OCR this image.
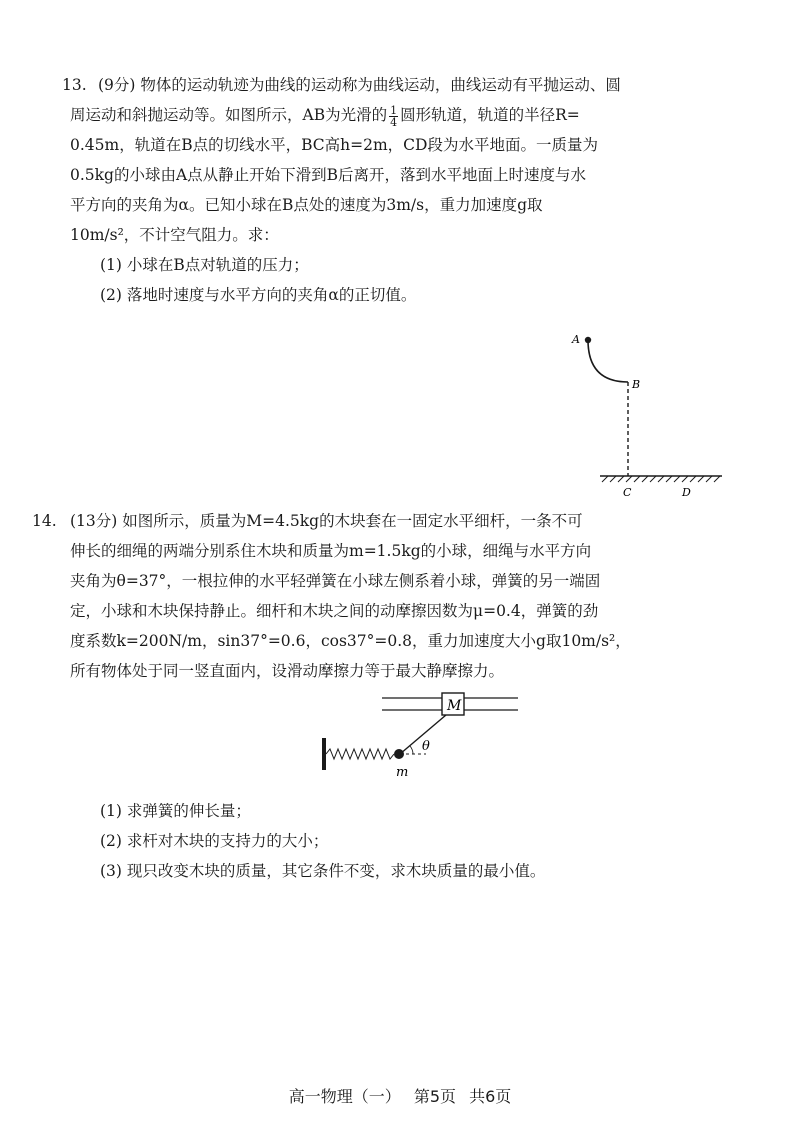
13. (9分) 物体的运动轨迹为曲线的运动称为曲线运动，曲线运动有平抛运动、圆
周运动和斜抛运动等。如图所示，AB为光滑的 $\frac{1}{4}$ 圆形轨道，轨道的半径R=
0.45m，轨道在B点的切线水平，BC高h=2m，CD段为水平地面。一质量为
0.5kg的小球由A点从静止开始下滑到B后离开，落到水平地面上时速度与水
平方向的夹角为α。已知小球在B点处的速度为3m/s，重力加速度g取
10m/s²，不计空气阻力。求：
(1) 小球在B点对轨道的压力；
(2) 落地时速度与水平方向的夹角α的正切值。
A
B
C	D
14. (13分) 如图所示，质量为M=4.5kg的木块套在一固定水平细杆，一条不可
伸长的细绳的两端分别系住木块和质量为m=1.5kg的小球，细绳与水平方向
夹角为θ=37°，一根拉伸的水平轻弹簧在小球左侧系着小球，弹簧的另一端固
定，小球和木块保持静止。细杆和木块之间的动摩擦因数为μ=0.4，弹簧的劲
度系数k=200N/m，sin37°=0.6，cos37°=0.8，重力加速度大小g取10m/s²，
所有物体处于同一竖直面内，设滑动摩擦力等于最大静摩擦力。
M
θ
m
(1) 求弹簧的伸长量；
(2) 求杆对木块的支持力的大小；
(3) 现只改变木块的质量，其它条件不变，求木块质量的最小值。
高一物理（一） 第5页 共6页
